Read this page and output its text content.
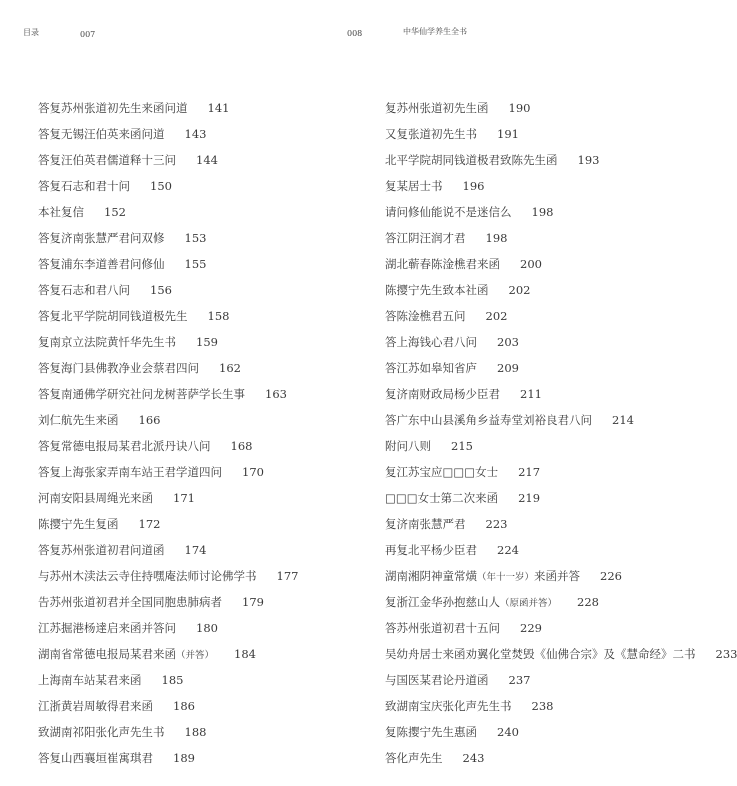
目录	007	008	中华仙学养生全书
答复苏州张道初先生来函问道 141
答复无锡汪伯英来函问道 143
答复汪伯英君儒道释十三问 144
答复石志和君十问 150
本社复信 152
答复济南张慧严君问双修 153
答复浦东李道善君问修仙 155
答复石志和君八问 156
答复北平学院胡同钱道极先生 158
复南京立法院黄忏华先生书 159
答复海门县佛教净业会蔡君四问 162
答复南通佛学研究社问龙树菩萨学长生事 163
刘仁航先生来函 166
答复常德电报局某君北派丹诀八问 168
答复上海张家弄南车站王君学道四问 170
河南安阳县周绳光来函 171
陈撄宁先生复函 172
答复苏州张道初君问道函 174
与苏州木渎法云寺住持嘿庵法师讨论佛学书 177
告苏州张道初君并全国同胞患肺病者 179
江苏掘港杨達启来函并答问 180
湖南省常德电报局某君来函（并答） 184
上海南车站某君来函 185
江浙黄岩周敏得君来函 186
致湖南祁阳张化声先生书 188
答复山西襄垣崔寓琪君 189
复苏州张道初先生函 190
又复张道初先生书 191
北平学院胡同钱道极君致陈先生函 193
复某居士书 196
请问修仙能说不是迷信么 198
答江阴汪润才君 198
湖北蕲春陈淦樵君来函 200
陈撄宁先生致本社函 202
答陈淦樵君五问 202
答上海钱心君八问 203
答江苏如皋知省庐 209
复济南财政局杨少臣君 211
答广东中山县溪角乡益寿堂刘裕良君八问 214
附问八则 215
复江苏宝应□□□女士 217
□□□女士第二次来函 219
复济南张慧严君 223
再复北平杨少臣君 224
湖南湘阴神童常熿（年十一岁）来函并答 226
复浙江金华孙抱慈山人（原函并答） 228
答苏州张道初君十五问 229
吴幼舟居士来函劝翼化堂焚毁《仙佛合宗》及《慧命经》二书 233
与国医某君论丹道函 237
致湖南宝庆张化声先生书 238
复陈撄宁先生惠函 240
答化声先生 243
